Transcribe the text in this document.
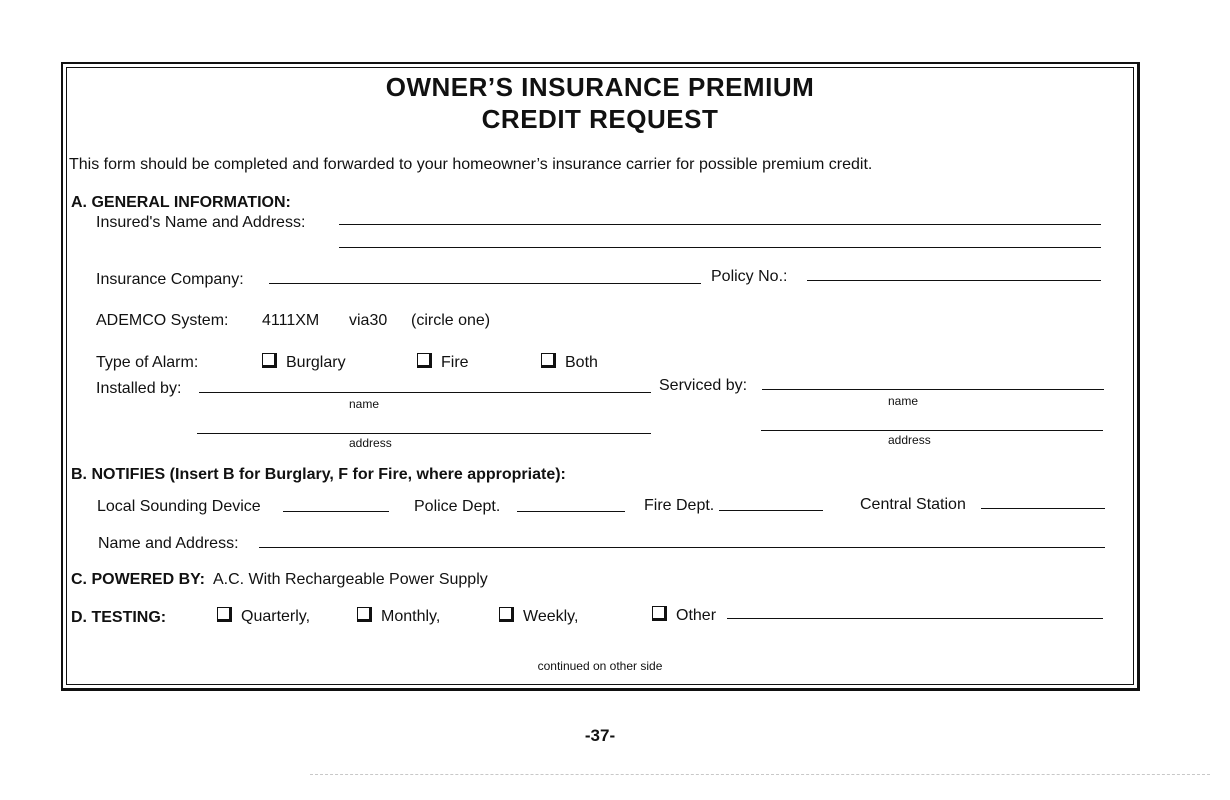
OWNER’S INSURANCE PREMIUM
CREDIT REQUEST
This form should be completed and forwarded to your homeowner’s insurance carrier for possible premium credit.
A. GENERAL INFORMATION:
Insured's Name and Address:
Insurance Company:	Policy No.:
ADEMCO System: 4111XM via30 (circle one)
Type of Alarm:	Burglary	Fire	Both
Installed by:
name
address
Serviced by:
name
address
B. NOTIFIES (Insert B for Burglary, F for Fire, where appropriate):
Local Sounding Device	Police Dept.	Fire Dept.	Central Station
Name and Address:
C. POWERED BY: A.C. With Rechargeable Power Supply
D. TESTING:	Quarterly,	Monthly,	Weekly,	Other
continued on other side
-37-
